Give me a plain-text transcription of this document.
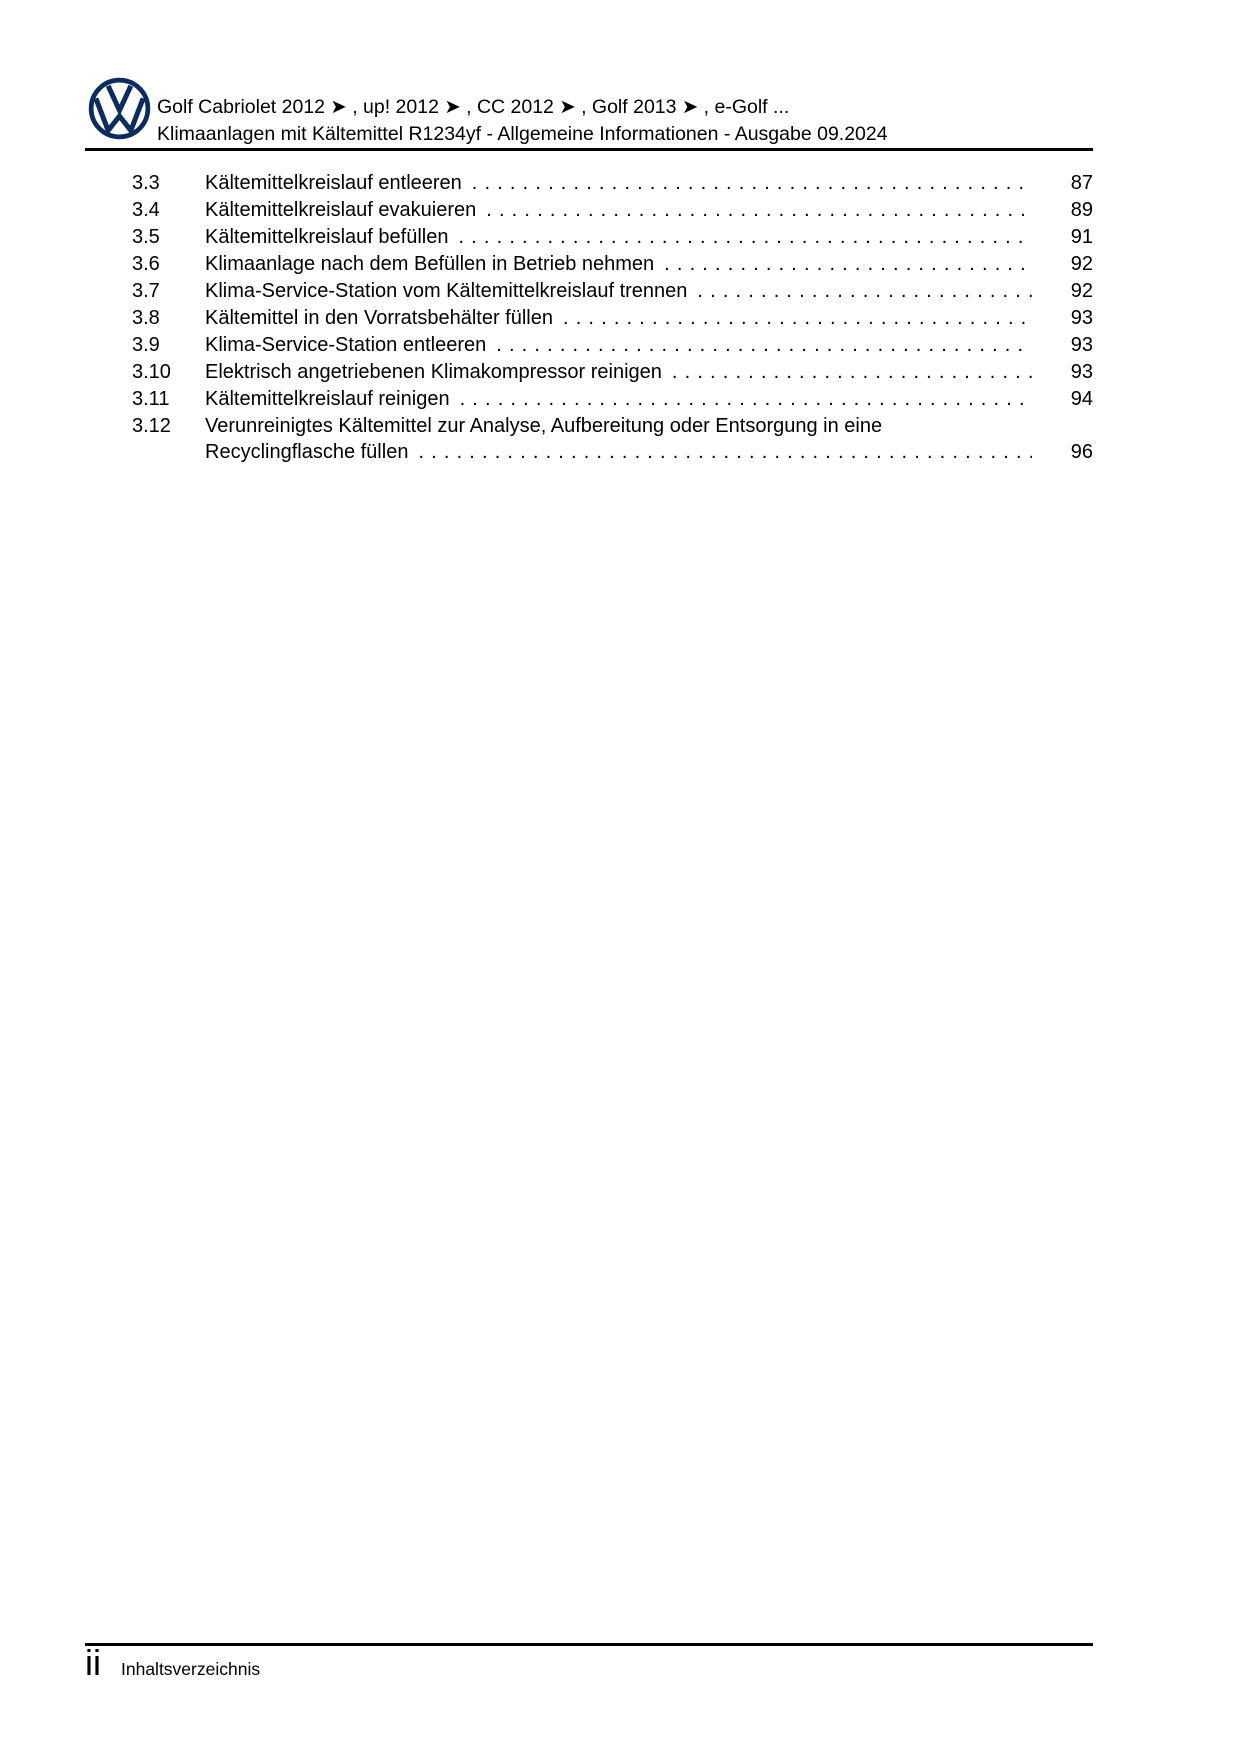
Golf Cabriolet 2012 ➤ , up! 2012 ➤ , CC 2012 ➤ , Golf 2013 ➤ , e-Golf ...
Klimaanlagen mit Kältemittel R1234yf - Allgemeine Informationen - Ausgabe 09.2024
3.3	Kältemittelkreislauf entleeren . . .	87
3.4	Kältemittelkreislauf evakuieren . . .	89
3.5	Kältemittelkreislauf befüllen . . .	91
3.6	Klimaanlage nach dem Befüllen in Betrieb nehmen . . .	92
3.7	Klima-Service-Station vom Kältemittelkreislauf trennen . . .	92
3.8	Kältemittel in den Vorratsbehälter füllen . . .	93
3.9	Klima-Service-Station entleeren . . .	93
3.10	Elektrisch angetriebenen Klimakompressor reinigen . . .	93
3.11	Kältemittelkreislauf reinigen . . .	94
3.12	Verunreinigtes Kältemittel zur Analyse, Aufbereitung oder Entsorgung in eine
Recyclingflasche füllen . . .	96
ii Inhaltsverzeichnis
